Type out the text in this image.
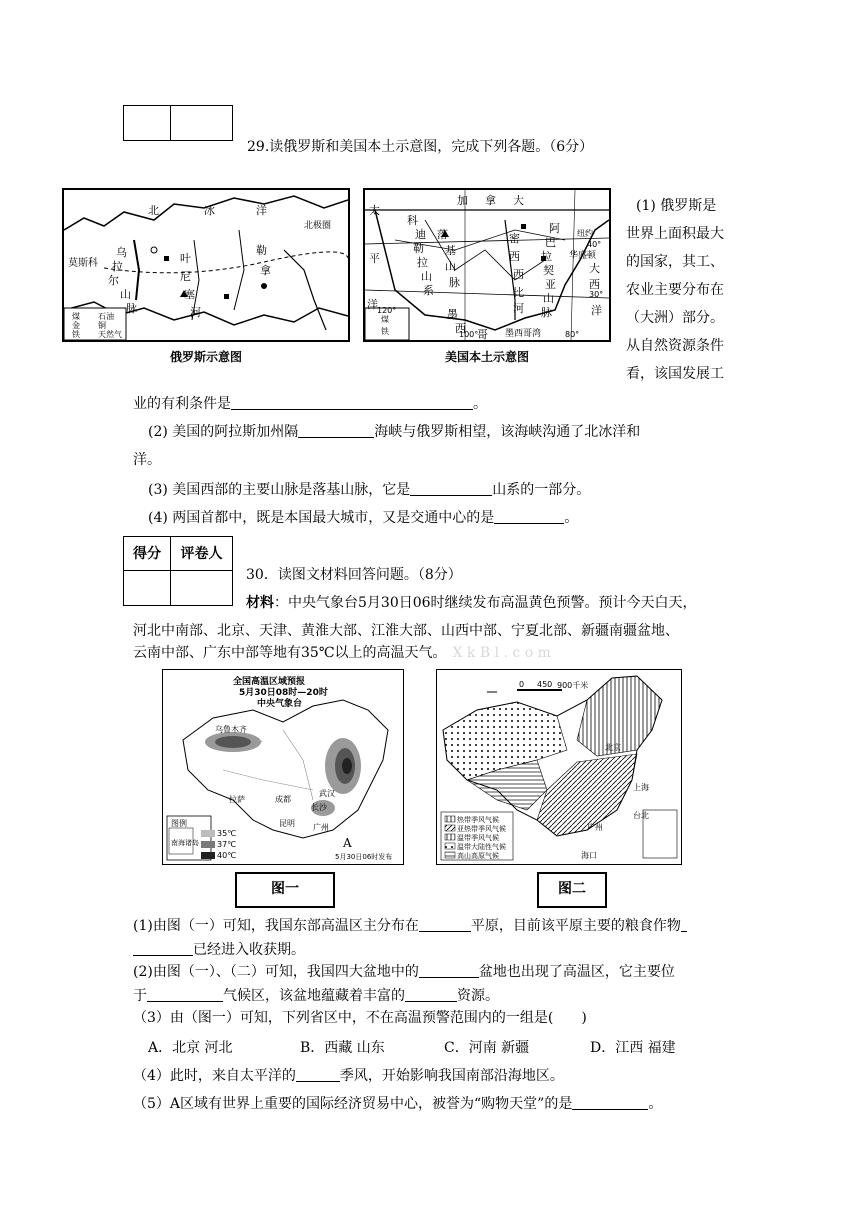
29.读俄罗斯和美国本土示意图，完成下列各题。（6分）
北	冰	洋
北极圈
莫斯科
乌
拉
尔
山
脉
叶
尼
塞
河
勒
拿
煤
金
铁
石油
铜
天然气
俄罗斯示意图
加 拿 大
太
平
洋
落
基
山
脉
密
西
西
比
河
华盛顿
阿
巴
拉
契
亚
山
脉
大
西
洋
墨
西 哥 墨西哥湾
40°
30°
120°
100°	80°
纽约
科
迪
勒
拉
山
系
煤
铁
美国本土示意图
(1) 俄罗斯是
世界上面积最大
的国家，其工、
农业主要分布在
（大洲）部分。
从自然资源条件
看，该国发展工
业的有利条件是	。
(2) 美国的阿拉斯加州隔	海峡与俄罗斯相望，该海峡沟通了北冰洋和
洋。
(3) 美国西部的主要山脉是落基山脉，它是	山系的一部分。
(4) 两国首都中，既是本国最大城市，又是交通中心的是	。
得分	评卷人
30．读图文材料回答问题。（8分）
材料：中央气象台5月30日06时继续发布高温黄色预警。预计今天白天，
河北中南部、北京、天津、黄淮大部、江淮大部、山西中部、宁夏北部、新疆南疆盆地、
云南中部、广东中部等地有35℃以上的高温天气。 X k B l . c o m
全国高温区域预报
5月30日08时—20时
中央气象台
乌鲁木齐
拉萨	成都
武汉
长沙
昆明 广州
A
图例
南海诸岛
35℃
37℃
40℃	5月30日06时发布
0 450 900千米
热带季风气候
亚热带季风气候
温带季风气候
温带大陆性气候
高山高原气候
上海
广州
台北
海口
北京
图一	图二
(1)由图（一）可知，我国东部高温区主分布在	平原，目前该平原主要的粮食作物
已经进入收获期。
(2)由图（一）、（二）可知，我国四大盆地中的	盆地也出现了高温区，它主要位
于	气候区，该盆地蕴藏着丰富的	资源。
（3）由（图一）可知，下列省区中，不在高温预警范围内的一组是(　　)
A．北京 河北	B．西藏 山东	C．河南 新疆	D．江西 福建
（4）此时，来自太平洋的	季风，开始影响我国南部沿海地区。
（5）A区域有世界上重要的国际经济贸易中心，被誉为“购物天堂”的是	。
